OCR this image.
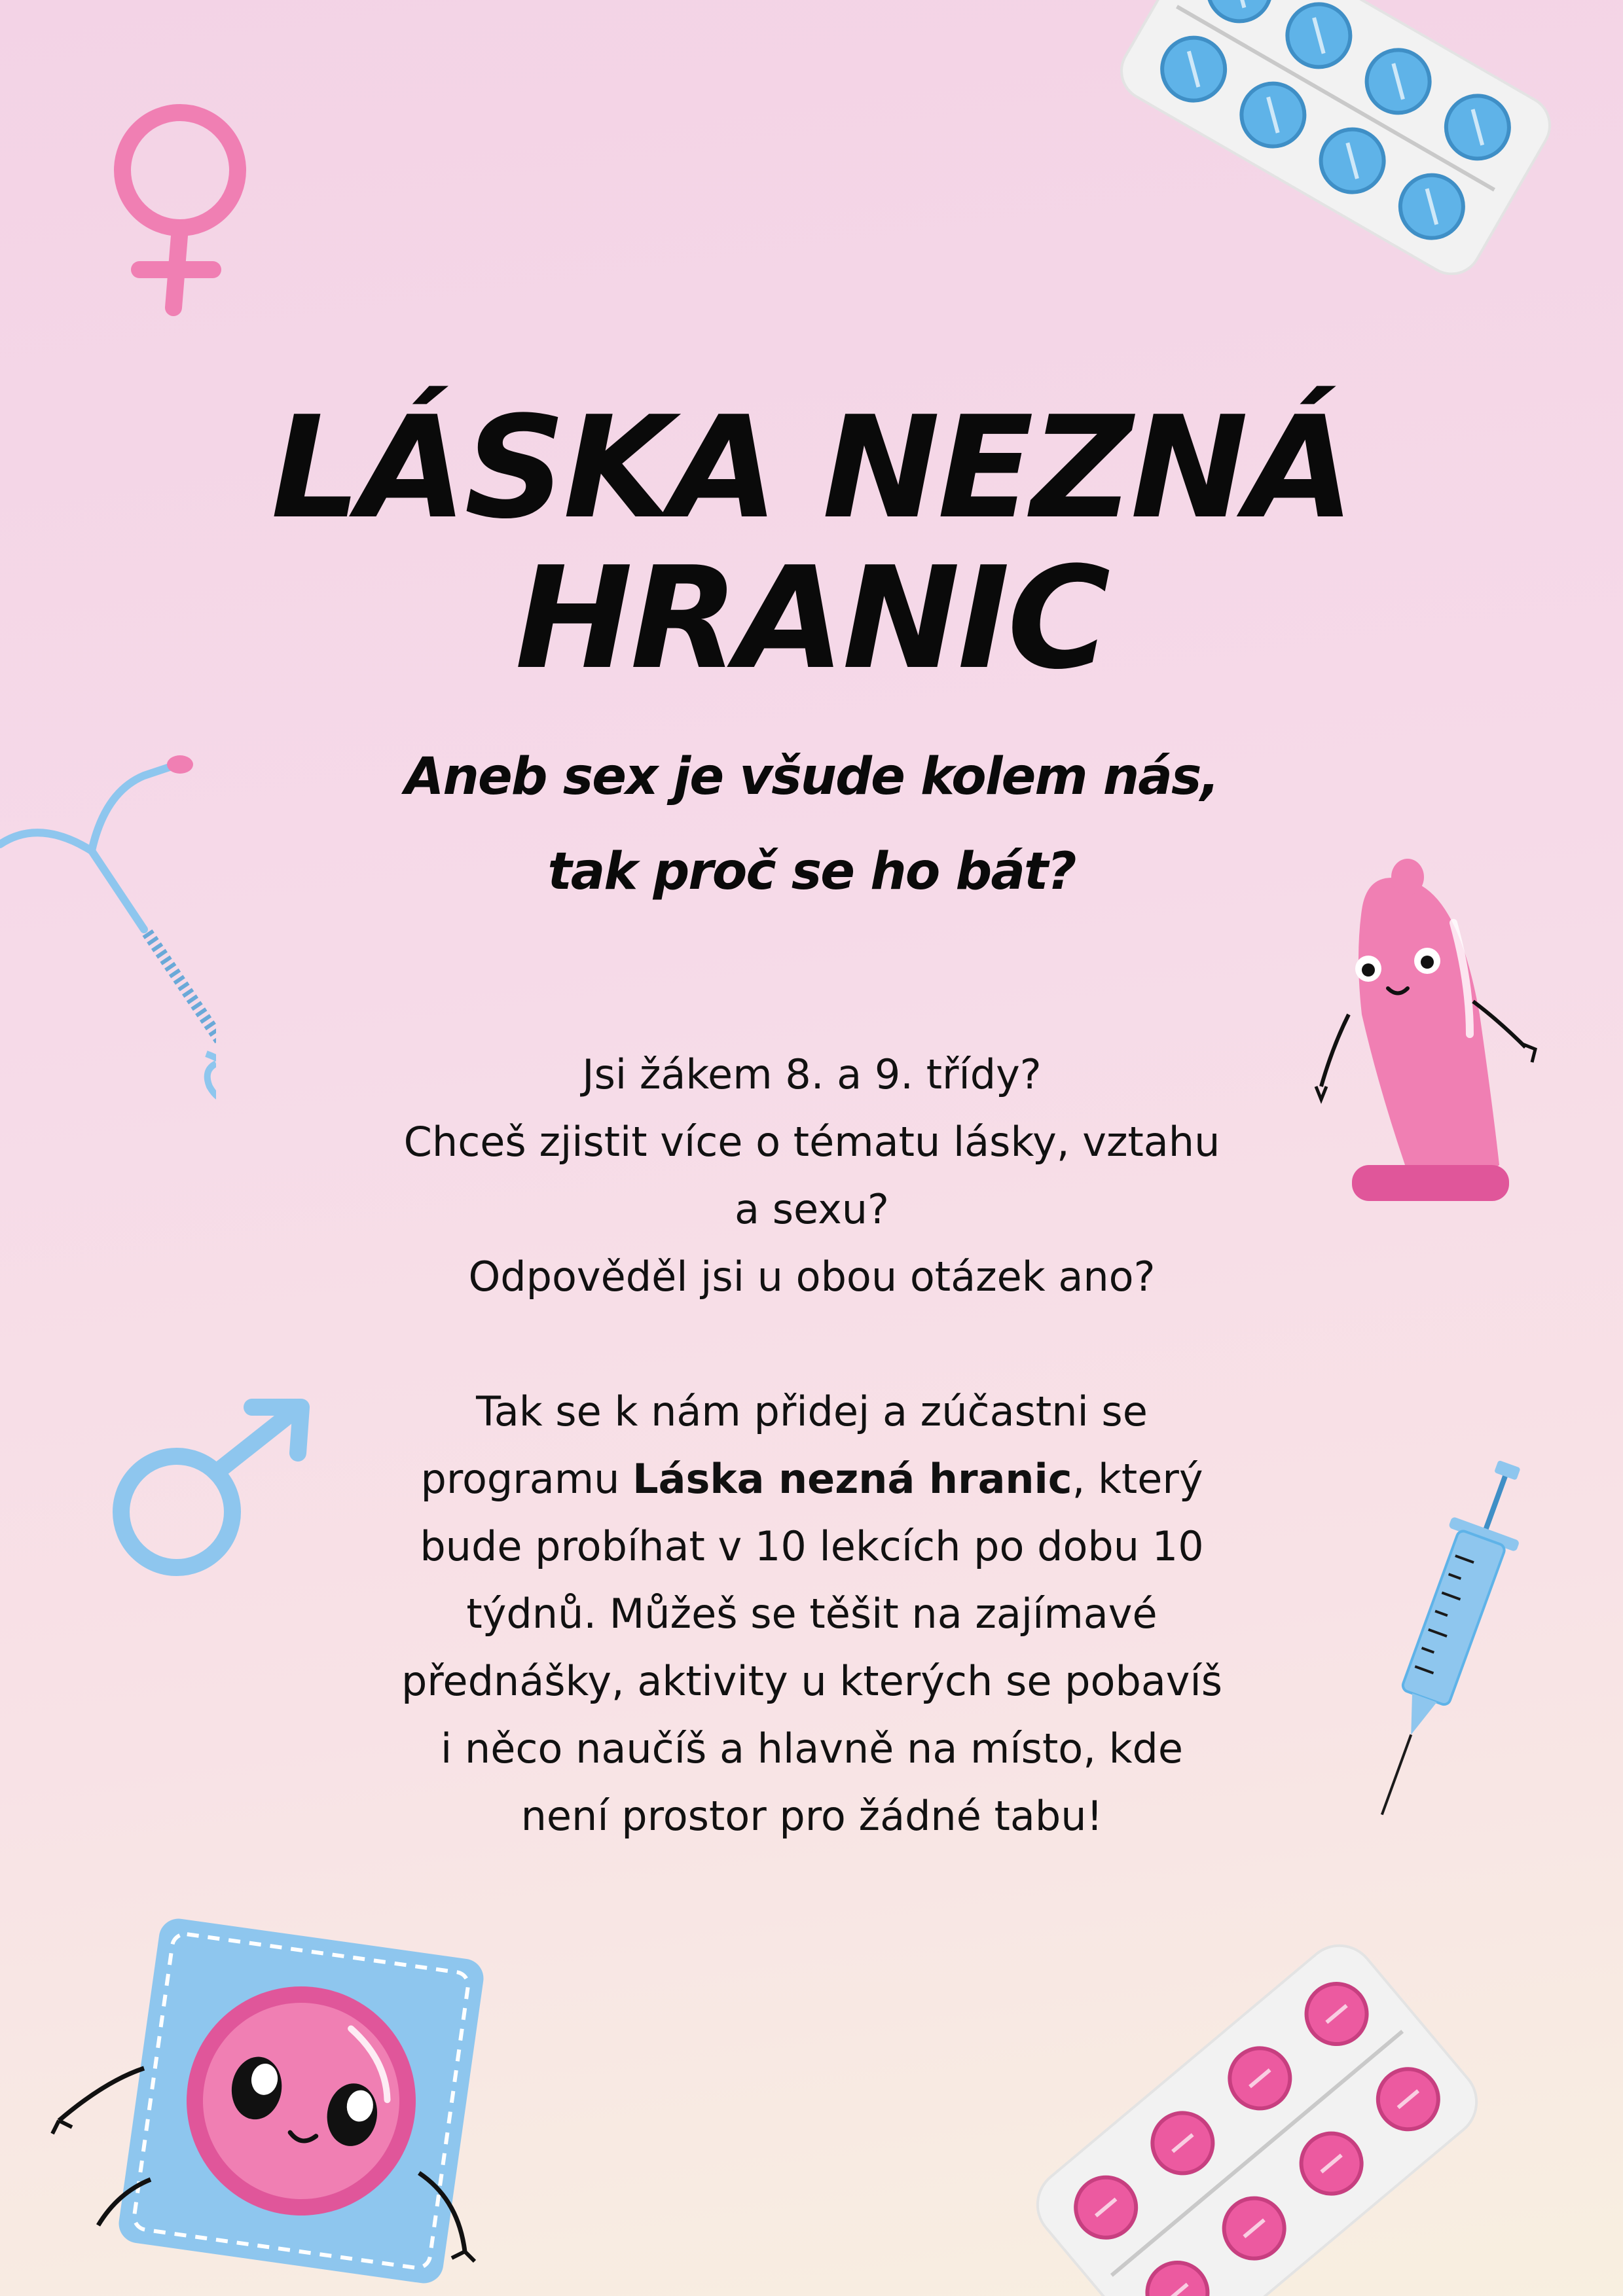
LÁSKA NEZNÁ
HRANIC
Aneb sex je všude kolem nás,
tak proč se ho bát?
Jsi žákem 8. a 9. třídy?
Chceš zjistit více o tématu lásky, vztahu
a sexu?
Odpověděl jsi u obou otázek ano?
Tak se k nám přidej a zúčastni se
programu Láska nezná hranic, který
bude probíhat v 10 lekcích po dobu 10
týdnů. Můžeš se těšit na zajímavé
přednášky, aktivity u kterých se pobavíš
i něco naučíš a hlavně na místo, kde
není prostor pro žádné tabu!
